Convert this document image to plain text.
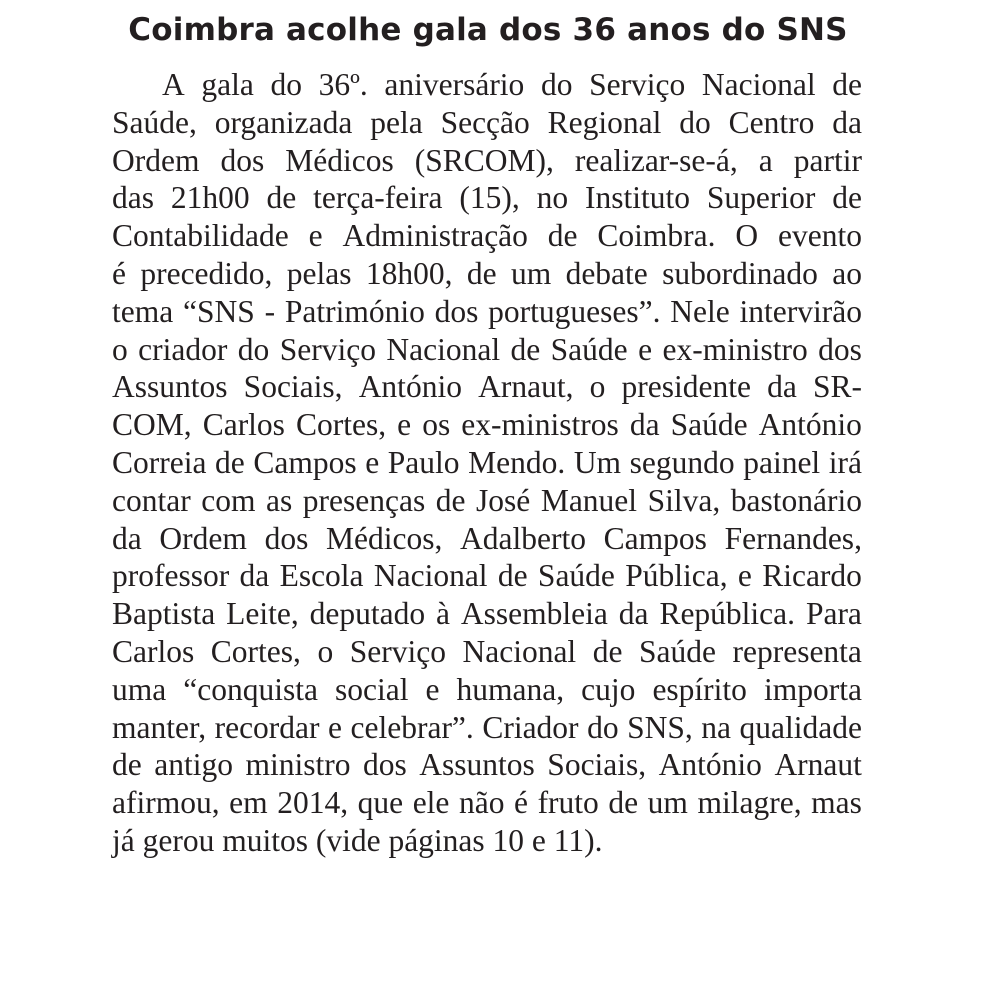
Coimbra acolhe gala dos 36 anos do SNS
A gala do 36º. aniversário do Serviço Nacional de
Saúde, organizada pela Secção Regional do Centro da
Ordem dos Médicos (SRCOM), realizar-se-á, a partir
das 21h00 de terça-feira (15), no Instituto Superior de
Contabilidade e Administração de Coimbra. O evento
é precedido, pelas 18h00, de um debate subordinado ao
tema “SNS - Património dos portugueses”. Nele intervirão
o criador do Serviço Nacional de Saúde e ex-ministro dos
Assuntos Sociais, António Arnaut, o presidente da SR-
COM, Carlos Cortes, e os ex-ministros da Saúde António
Correia de Campos e Paulo Mendo. Um segundo painel irá
contar com as presenças de José Manuel Silva, bastonário
da Ordem dos Médicos, Adalberto Campos Fernandes,
professor da Escola Nacional de Saúde Pública, e Ricardo
Baptista Leite, deputado à Assembleia da República. Para
Carlos Cortes, o Serviço Nacional de Saúde representa
uma “conquista social e humana, cujo espírito importa
manter, recordar e celebrar”. Criador do SNS, na qualidade
de antigo ministro dos Assuntos Sociais, António Arnaut
afirmou, em 2014, que ele não é fruto de um milagre, mas
já gerou muitos (vide páginas 10 e 11).
